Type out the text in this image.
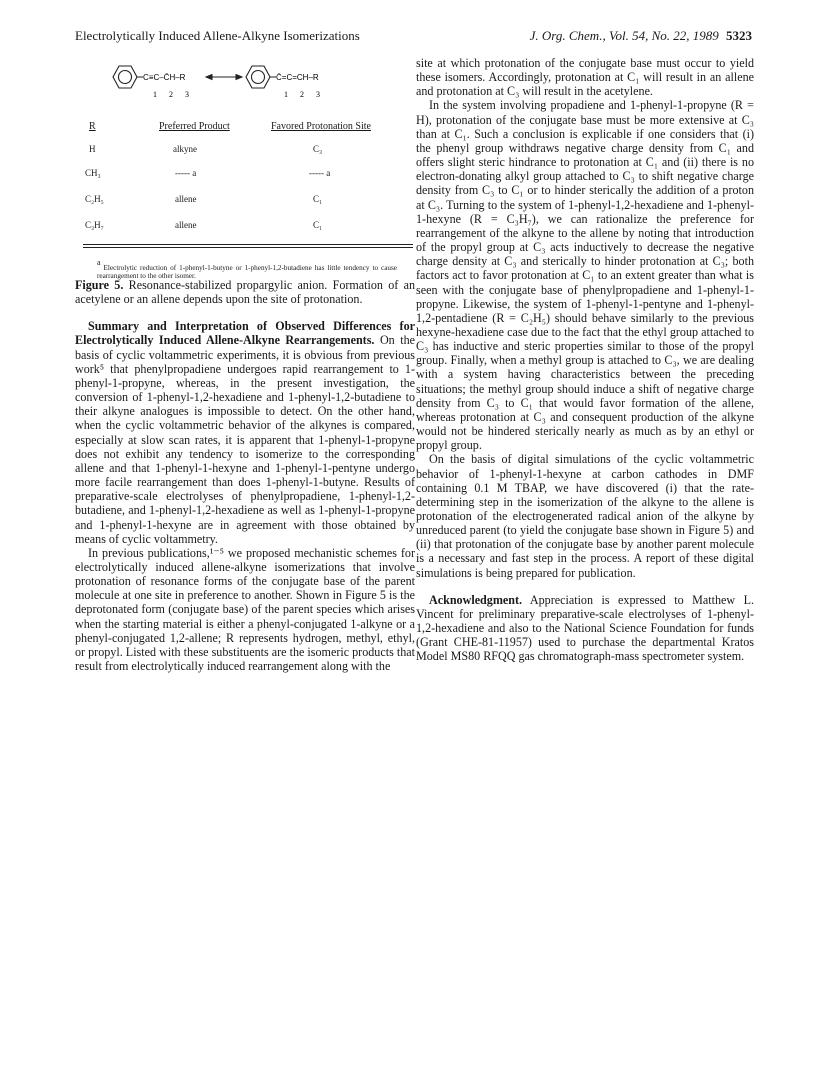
Electrolytically Induced Allene-Alkyne Isomerizations	J. Org. Chem., Vol. 54, No. 22, 1989 5323
C≡C–C̄H–R
1 2 3
C̄=C=CH–R
1 2 3
R	Preferred Product	Favored Protonation Site
H	alkyne	C₃
CH₃	----- a	----- a
C₂H₅	allene	C₁
C₃H₇	allene	C₁
$^a$ Electrolytic reduction of 1-phenyl-1-butyne or 1-phenyl-1,2-butadiene has little tendency to cause rearrangement to the other isomer.

Figure 5. Resonance-stabilized propargylic anion. Formation of an acetylene or an allene depends upon the site of protonation.

Summary and Interpretation of Observed Differences for Electrolytically Induced Allene-Alkyne Rearrangements. On the basis of cyclic voltammetric experiments, it is obvious from previous work⁵ that phenylpropadiene undergoes rapid rearrangement to 1-phenyl-1-propyne, whereas, in the present investigation, the conversion of 1-phenyl-1,2-hexadiene and 1-phenyl-1,2-butadiene to their alkyne analogues is impossible to detect. On the other hand, when the cyclic voltammetric behavior of the alkynes is compared, especially at slow scan rates, it is apparent that 1-phenyl-1-propyne does not exhibit any tendency to isomerize to the corresponding allene and that 1-phenyl-1-hexyne and 1-phenyl-1-pentyne undergo more facile rearrangement than does 1-phenyl-1-butyne. Results of preparative-scale electrolyses of phenylpropadiene, 1-phenyl-1,2-butadiene, and 1-phenyl-1,2-hexadiene as well as 1-phenyl-1-propyne and 1-phenyl-1-hexyne are in agreement with those obtained by means of cyclic voltammetry.

In previous publications,¹⁻⁵ we proposed mechanistic schemes for electrolytically induced allene-alkyne isomerizations that involve protonation of resonance forms of the conjugate base of the parent molecule at one site in preference to another. Shown in Figure 5 is the deprotonated form (conjugate base) of the parent species which arises when the starting material is either a phenyl-conjugated 1-alkyne or a phenyl-conjugated 1,2-allene; R represents hydrogen, methyl, ethyl, or propyl. Listed with these substituents are the isomeric products that result from electrolytically induced rearrangement along with the

site at which protonation of the conjugate base must occur to yield these isomers. Accordingly, protonation at C₁ will result in an allene and protonation at C₃ will result in the acetylene.

In the system involving propadiene and 1-phenyl-1-propyne (R = H), protonation of the conjugate base must be more extensive at C₃ than at C₁. Such a conclusion is explicable if one considers that (i) the phenyl group withdraws negative charge density from C₁ and offers slight steric hindrance to protonation at C₁ and (ii) there is no electron-donating alkyl group attached to C₃ to shift negative charge density from C₃ to C₁ or to hinder sterically the addition of a proton at C₃. Turning to the system of 1-phenyl-1,2-hexadiene and 1-phenyl-1-hexyne (R = C₃H₇), we can rationalize the preference for rearrangement of the alkyne to the allene by noting that introduction of the propyl group at C₃ acts inductively to decrease the negative charge density at C₃ and sterically to hinder protonation at C₃; both factors act to favor protonation at C₁ to an extent greater than what is seen with the conjugate base of phenylpropadiene and 1-phenyl-1-propyne. Likewise, the system of 1-phenyl-1-pentyne and 1-phenyl-1,2-pentadiene (R = C₂H₅) should behave similarly to the previous hexyne-hexadiene case due to the fact that the ethyl group attached to C₃ has inductive and steric properties similar to those of the propyl group. Finally, when a methyl group is attached to C₃, we are dealing with a system having characteristics between the preceding situations; the methyl group should induce a shift of negative charge density from C₃ to C₁ that would favor formation of the allene, whereas protonation at C₃ and consequent production of the alkyne would not be hindered sterically nearly as much as by an ethyl or propyl group.

On the basis of digital simulations of the cyclic voltammetric behavior of 1-phenyl-1-hexyne at carbon cathodes in DMF containing 0.1 M TBAP, we have discovered (i) that the rate-determining step in the isomerization of the alkyne to the allene is protonation of the electrogenerated radical anion of the alkyne by unreduced parent (to yield the conjugate base shown in Figure 5) and (ii) that protonation of the conjugate base by another parent molecule is a necessary and fast step in the process. A report of these digital simulations is being prepared for publication.

Acknowledgment. Appreciation is expressed to Matthew L. Vincent for preliminary preparative-scale electrolyses of 1-phenyl-1,2-hexadiene and also to the National Science Foundation for funds (Grant CHE-81-11957) used to purchase the departmental Kratos Model MS80 RFQQ gas chromatograph-mass spectrometer system.
